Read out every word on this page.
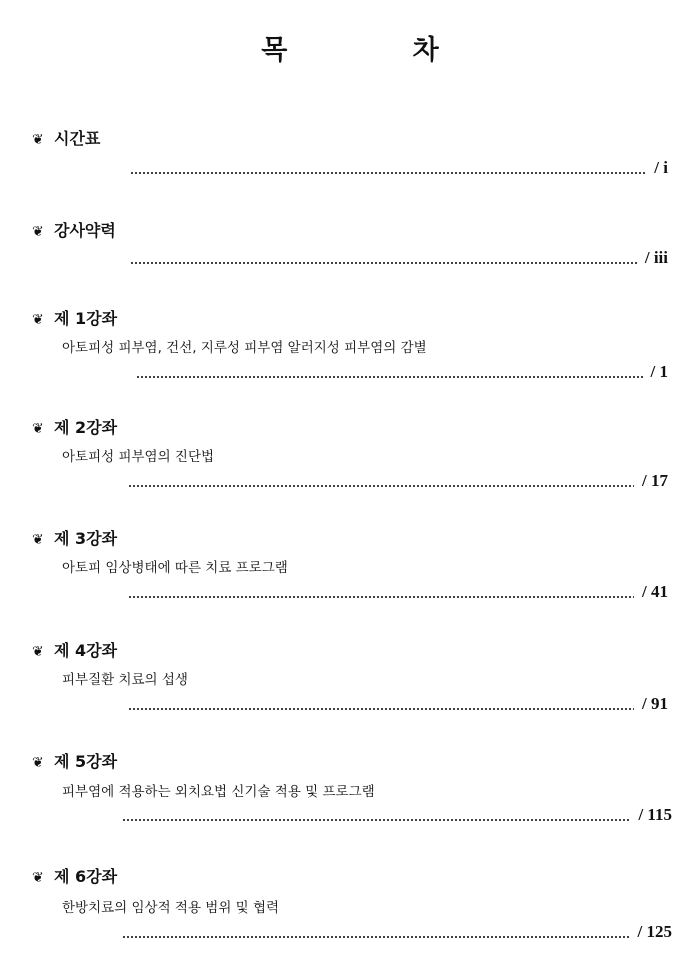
목 차
❦ 시간표
/ i
❦ 강사약력
/ iii
❦ 제 1강좌
아토피성 피부염, 건선, 지루성 피부염 알러지성 피부염의 감별
/ 1
❦ 제 2강좌
아토피성 피부염의 진단법
/ 17
❦ 제 3강좌
아토피 임상병태에 따른 치료 프로그램
/ 41
❦ 제 4강좌
피부질환 치료의 섭생
/ 91
❦ 제 5강좌
피부염에 적용하는 외치요법 신기술 적용 및 프로그램
/ 115
❦ 제 6강좌
한방치료의 임상적 적용 범위 및 협력
/ 125
